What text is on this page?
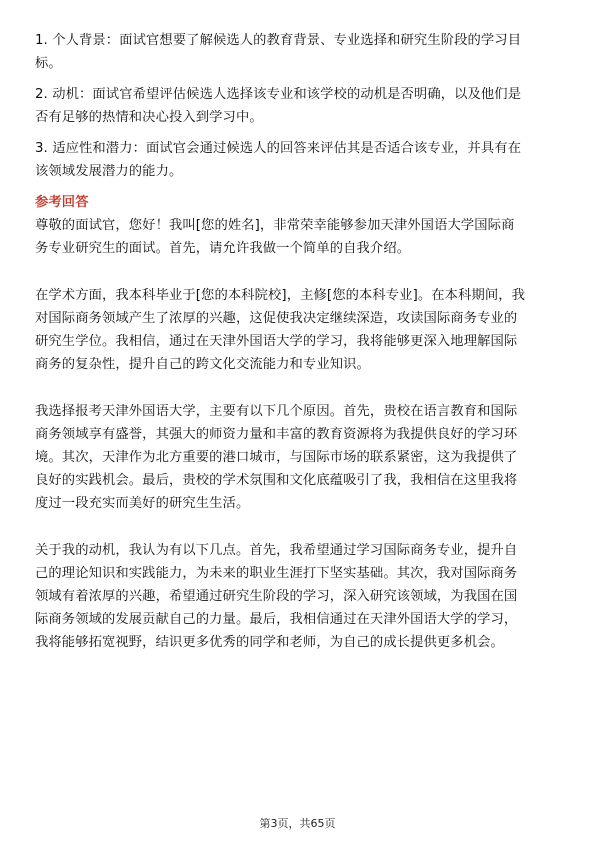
1. 个人背景：面试官想要了解候选人的教育背景、专业选择和研究生阶段的学习目
标。
2. 动机：面试官希望评估候选人选择该专业和该学校的动机是否明确，以及他们是
否有足够的热情和决心投入到学习中。
3. 适应性和潜力：面试官会通过候选人的回答来评估其是否适合该专业，并具有在
该领域发展潜力的能力。
参考回答
尊敬的面试官，您好！我叫[您的姓名]，非常荣幸能够参加天津外国语大学国际商
务专业研究生的面试。首先，请允许我做一个简单的自我介绍。
在学术方面，我本科毕业于[您的本科院校]，主修[您的本科专业]。在本科期间，我
对国际商务领域产生了浓厚的兴趣，这促使我决定继续深造，攻读国际商务专业的
研究生学位。我相信，通过在天津外国语大学的学习，我将能够更深入地理解国际
商务的复杂性，提升自己的跨文化交流能力和专业知识。
我选择报考天津外国语大学，主要有以下几个原因。首先，贵校在语言教育和国际
商务领域享有盛誉，其强大的师资力量和丰富的教育资源将为我提供良好的学习环
境。其次，天津作为北方重要的港口城市，与国际市场的联系紧密，这为我提供了
良好的实践机会。最后，贵校的学术氛围和文化底蕴吸引了我，我相信在这里我将
度过一段充实而美好的研究生生活。
关于我的动机，我认为有以下几点。首先，我希望通过学习国际商务专业，提升自
己的理论知识和实践能力，为未来的职业生涯打下坚实基础。其次，我对国际商务
领域有着浓厚的兴趣，希望通过研究生阶段的学习，深入研究该领域，为我国在国
际商务领域的发展贡献自己的力量。最后，我相信通过在天津外国语大学的学习，
我将能够拓宽视野，结识更多优秀的同学和老师，为自己的成长提供更多机会。
第3页，共65页
